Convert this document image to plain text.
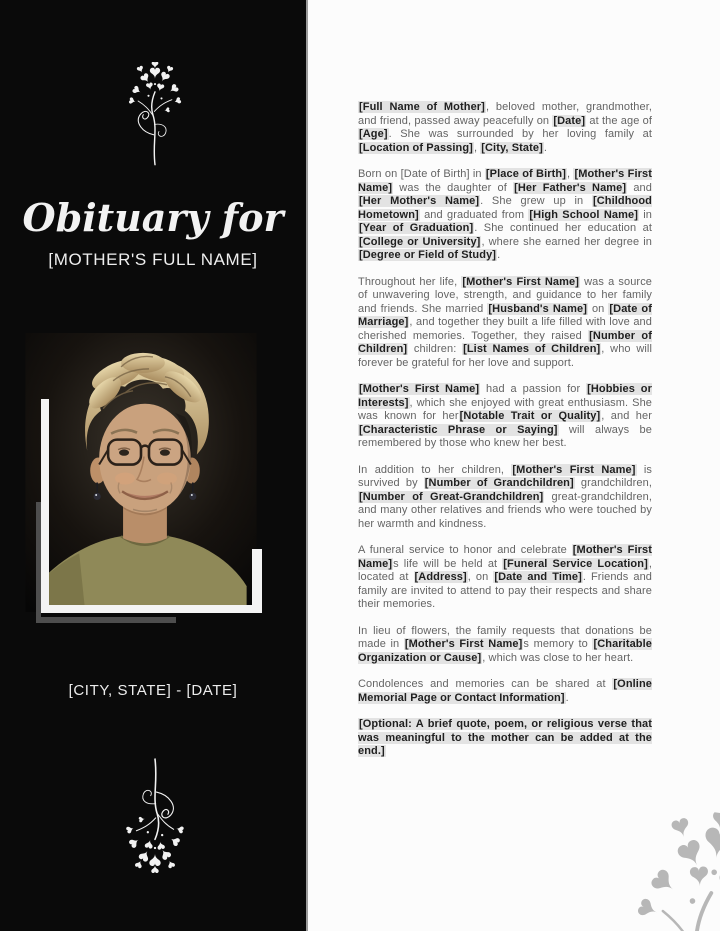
[Full Name of Mother], beloved mother, grandmother, and friend, passed away peacefully on [Date] at the age of [Age]. She was surrounded by her loving family at [Location of Passing], [City, State].

Born on [Date of Birth] in [Place of Birth], [Mother's First Name] was the daughter of [Her Father's Name] and [Her Mother's Name]. She grew up in [Childhood Hometown] and graduated from [High School Name] in [Year of Graduation]. She continued her education at [College or University], where she earned her degree in [Degree or Field of Study].

Throughout her life, [Mother's First Name] was a source of unwavering love, strength, and guidance to her family and friends. She married [Husband's Name] on [Date of Marriage], and together they built a life filled with love and cherished memories. Together, they raised [Number of Children] children: [List Names of Children], who will forever be grateful for her love and support.

[Mother's First Name] had a passion for [Hobbies or Interests], which she enjoyed with great enthusiasm. She was known for her[Notable Trait or Quality], and her [Characteristic Phrase or Saying] will always be remembered by those who knew her best.

In addition to her children, [Mother's First Name] is survived by [Number of Grandchildren] grandchildren, [Number of Great-Grandchildren] great-grandchildren, and many other relatives and friends who were touched by her warmth and kindness.

A funeral service to honor and celebrate [Mother's First Name]s life will be held at [Funeral Service Location], located at [Address], on [Date and Time]. Friends and family are invited to attend to pay their respects and share their memories.

In lieu of flowers, the family requests that donations be made in [Mother's First Name]s memory to [Charitable Organization or Cause], which was close to her heart.

Condolences and memories can be shared at [Online Memorial Page or Contact Information].

[Optional: A brief quote, poem, or religious verse that was meaningful to the mother can be added at the end.]

Obituary for
[MOTHER'S FULL NAME]
[CITY, STATE] - [DATE]
